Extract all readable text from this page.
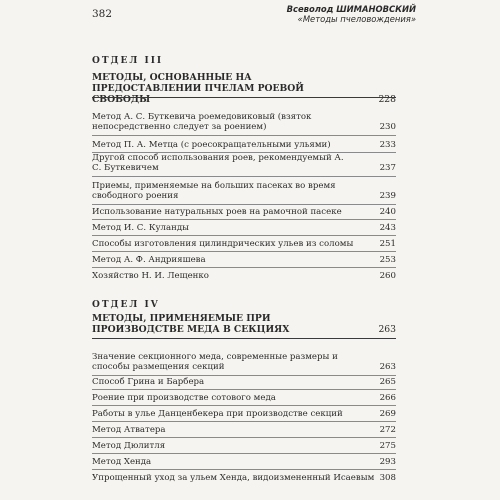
382	Всеволод ШИМАНОВСКИЙ
«Методы пчеловождения»
ОТДЕЛ III
МЕТОДЫ, ОСНОВАННЫЕ НА ПРЕДОСТАВЛЕНИИ ПЧЕЛАМ РОЕВОЙ СВОБОДЫ	228
Метод А. С. Буткевича роемедовиковый (взяток непосредственно следует за роением)	230
Метод П. А. Метца (с роесокращательными ульями)	233
Другой способ использования роев, рекомендуемый А. С. Буткевичем	237
Приемы, применяемые на больших пасеках во время свободного роения	239
Использование натуральных роев на рамочной пасеке	240
Метод И. С. Куланды	243
Способы изготовления цилиндрических ульев из соломы	251
Метод А. Ф. Андрияшева	253
Хозяйство Н. И. Лещенко	260
ОТДЕЛ IV
МЕТОДЫ, ПРИМЕНЯЕМЫЕ ПРИ ПРОИЗВОДСТВЕ МЕДА В СЕКЦИЯХ	263
Значение секционного меда, современные размеры и способы размещения секций	263
Способ Грина и Барбера	265
Роение при производстве сотового меда	266
Работы в улье Данценбекера при производстве секций	269
Метод Атватера	272
Метод Дюлитля	275
Метод Хенда	293
Упрощенный уход за ульем Хенда, видоизмененный Исаевым 308
